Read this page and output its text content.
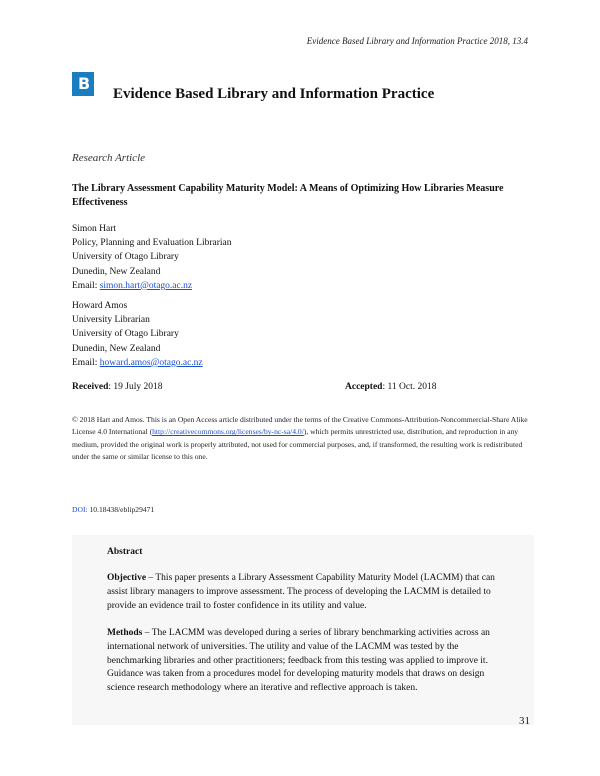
Evidence Based Library and Information Practice 2018, 13.4
B
Evidence Based Library and Information Practice
Research Article
The Library Assessment Capability Maturity Model: A Means of Optimizing How Libraries Measure Effectiveness
Simon Hart
Policy, Planning and Evaluation Librarian
University of Otago Library
Dunedin, New Zealand
Email: simon.hart@otago.ac.nz
Howard Amos
University Librarian
University of Otago Library
Dunedin, New Zealand
Email: howard.amos@otago.ac.nz
Received: 19 July 2018	Accepted: 11 Oct. 2018
© 2018 Hart and Amos. This is an Open Access article distributed under the terms of the Creative Commons-Attribution-Noncommercial-Share Alike License 4.0 International (http://creativecommons.org/licenses/by-nc-sa/4.0/), which permits unrestricted use, distribution, and reproduction in any medium, provided the original work is properly attributed, not used for commercial purposes, and, if transformed, the resulting work is redistributed under the same or similar license to this one.
DOI: 10.18438/eblip29471
Abstract
Objective – This paper presents a Library Assessment Capability Maturity Model (LACMM) that can assist library managers to improve assessment. The process of developing the LACMM is detailed to provide an evidence trail to foster confidence in its utility and value.
Methods – The LACMM was developed during a series of library benchmarking activities across an international network of universities. The utility and value of the LACMM was tested by the benchmarking libraries and other practitioners; feedback from this testing was applied to improve it. Guidance was taken from a procedures model for developing maturity models that draws on design science research methodology where an iterative and reflective approach is taken.
31
